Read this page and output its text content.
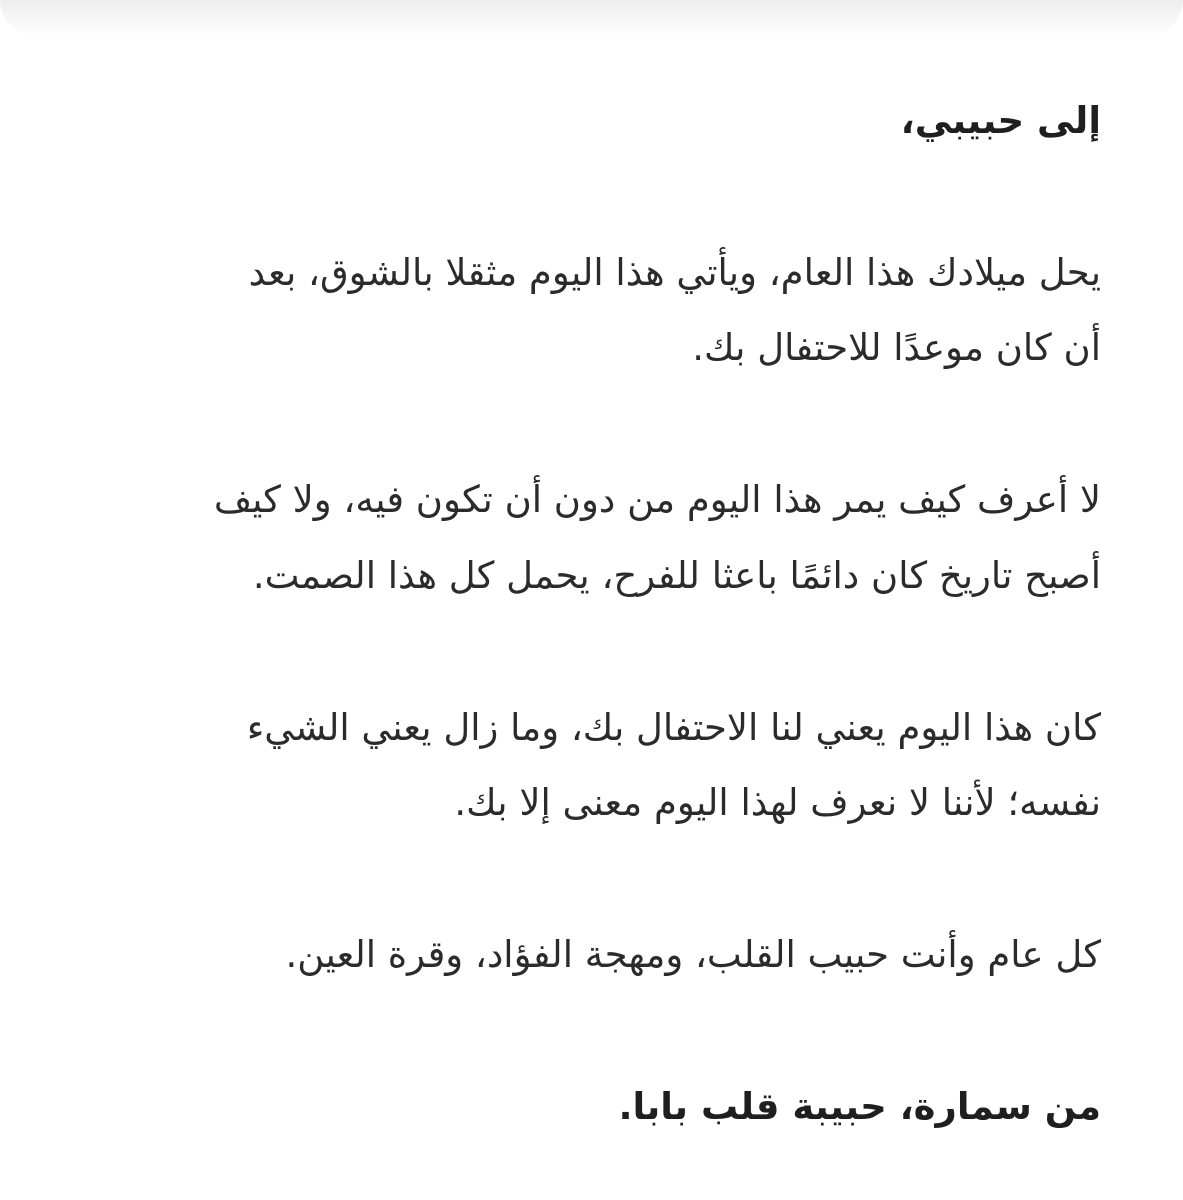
إلى حبيبي،
يحل ميلادك هذا العام، ويأتي هذا اليوم مثقلا بالشوق، بعد
أن كان موعدًا للاحتفال بك.
لا أعرف كيف يمر هذا اليوم من دون أن تكون فيه، ولا كيف
أصبح تاريخ كان دائمًا باعثا للفرح، يحمل كل هذا الصمت.
كان هذا اليوم يعني لنا الاحتفال بك، وما زال يعني الشيء
نفسه؛ لأننا لا نعرف لهذا اليوم معنى إلا بك.
كل عام وأنت حبيب القلب، ومهجة الفؤاد، وقرة العين.
من سمارة، حبيبة قلب بابا.
